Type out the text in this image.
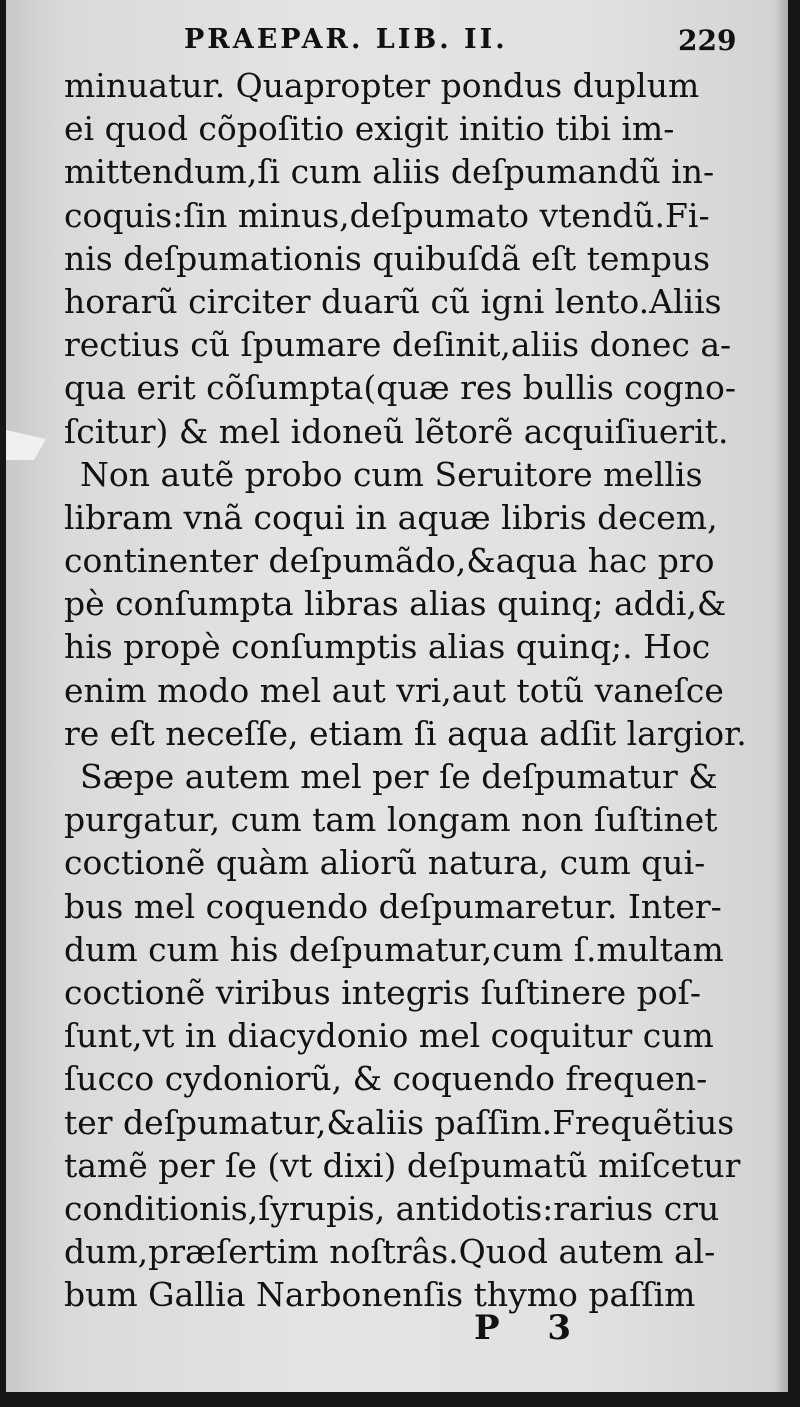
PRAEPAR. LIB. II.	229
minuatur. Quapropter pondus duplum
ei quod cõpoſitio exigit initio tibi im-
mittendum,ſi cum aliis deſpumandũ in-
coquis:ſin minus,deſpumato vtendũ.Fi-
nis deſpumationis quibuſdã eſt tempus
horarũ circiter duarũ cũ igni lento.Aliis
rectius cũ ſpumare deſinit,aliis donec a-
qua erit cõſumpta(quæ res bullis cogno-
ſcitur) & mel idoneũ lẽtorẽ acquiſiuerit.
Non autẽ probo cum Seruitore mellis
libram vnã coqui in aquæ libris decem,
continenter deſpumãdo,&aqua hac pro
pè conſumpta libras alias quinq; addi,&
his propè conſumptis alias quinq;. Hoc
enim modo mel aut vri,aut totũ vaneſce
re eſt neceſſe, etiam ſi aqua adſit largior.
Sæpe autem mel per ſe deſpumatur &
purgatur, cum tam longam non ſuſtinet
coctionẽ quàm aliorũ natura, cum qui-
bus mel coquendo deſpumaretur. Inter-
dum cum his deſpumatur,cum ſ.multam
coctionẽ viribus integris ſuſtinere poſ-
ſunt,vt in diacydonio mel coquitur cum
ſucco cydoniorũ, & coquendo frequen-
ter deſpumatur,&aliis paſſim.Frequẽtius
tamẽ per ſe (vt dixi) deſpumatũ miſcetur
conditionis,ſyrupis, antidotis:rarius cru
dum,præſertim noſtrâs.Quod autem al-
bum Gallia Narbonenſis thymo paſſim
P 3
